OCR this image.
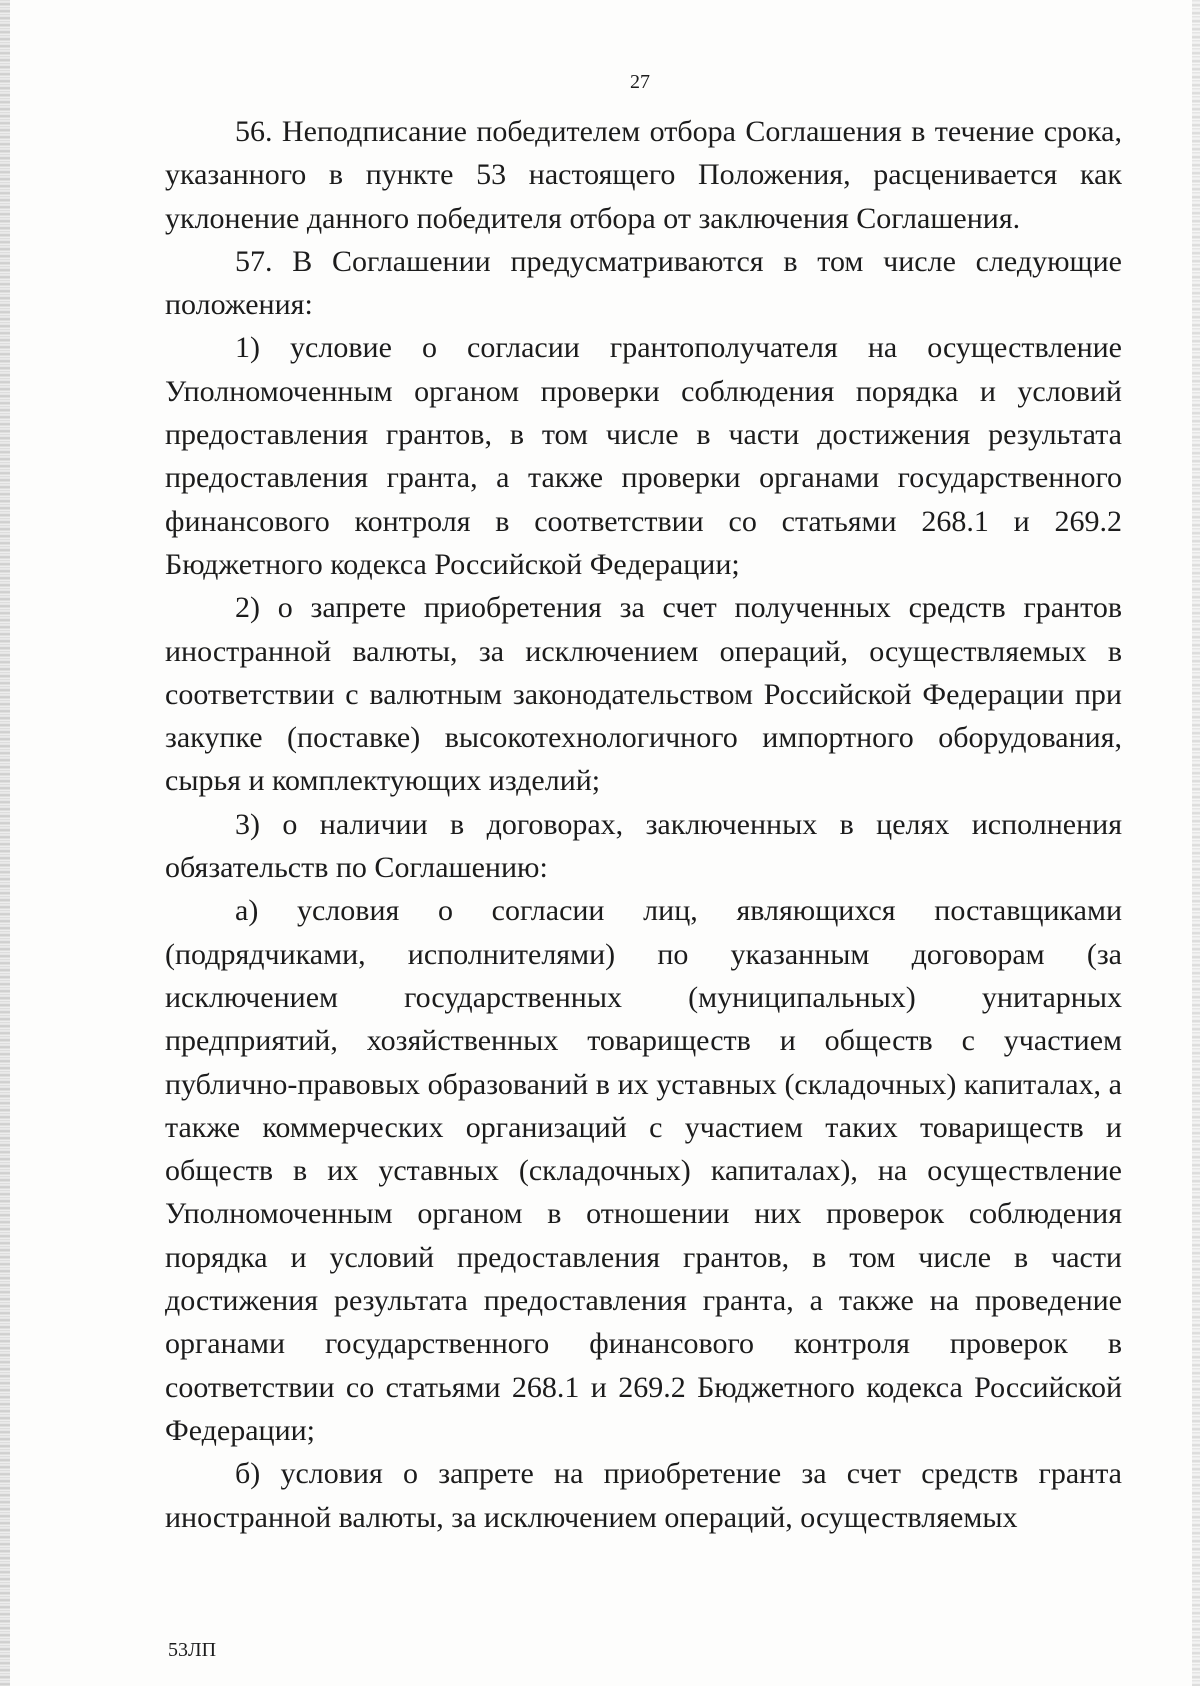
27

56. Неподписание победителем отбора Соглашения в течение срока, указанного в пункте 53 настоящего Положения, расценивается как уклонение данного победителя отбора от заключения Соглашения.

57. В Соглашении предусматриваются в том числе следующие положения:

1) условие о согласии грантополучателя на осуществление Уполномоченным органом проверки соблюдения порядка и условий предоставления грантов, в том числе в части достижения результата предоставления гранта, а также проверки органами государственного финансового контроля в соответствии со статьями 268.1 и 269.2 Бюджетного кодекса Российской Федерации;

2) о запрете приобретения за счет полученных средств грантов иностранной валюты, за исключением операций, осуществляемых в соответствии с валютным законодательством Российской Федерации при закупке (поставке) высокотехнологичного импортного оборудования, сырья и комплектующих изделий;

3) о наличии в договорах, заключенных в целях исполнения обязательств по Соглашению:

а) условия о согласии лиц, являющихся поставщиками (подрядчиками, исполнителями) по указанным договорам (за исключением государственных (муниципальных) унитарных предприятий, хозяйственных товариществ и обществ с участием публично-правовых образований в их уставных (складочных) капиталах, а также коммерческих организаций с участием таких товариществ и обществ в их уставных (складочных) капиталах), на осуществление Уполномоченным органом в отношении них проверок соблюдения порядка и условий предоставления грантов, в том числе в части достижения результата предоставления гранта, а также на проведение органами государственного финансового контроля проверок в соответствии со статьями 268.1 и 269.2 Бюджетного кодекса Российской Федерации;

б) условия о запрете на приобретение за счет средств гранта иностранной валюты, за исключением операций, осуществляемых

53ЛП
